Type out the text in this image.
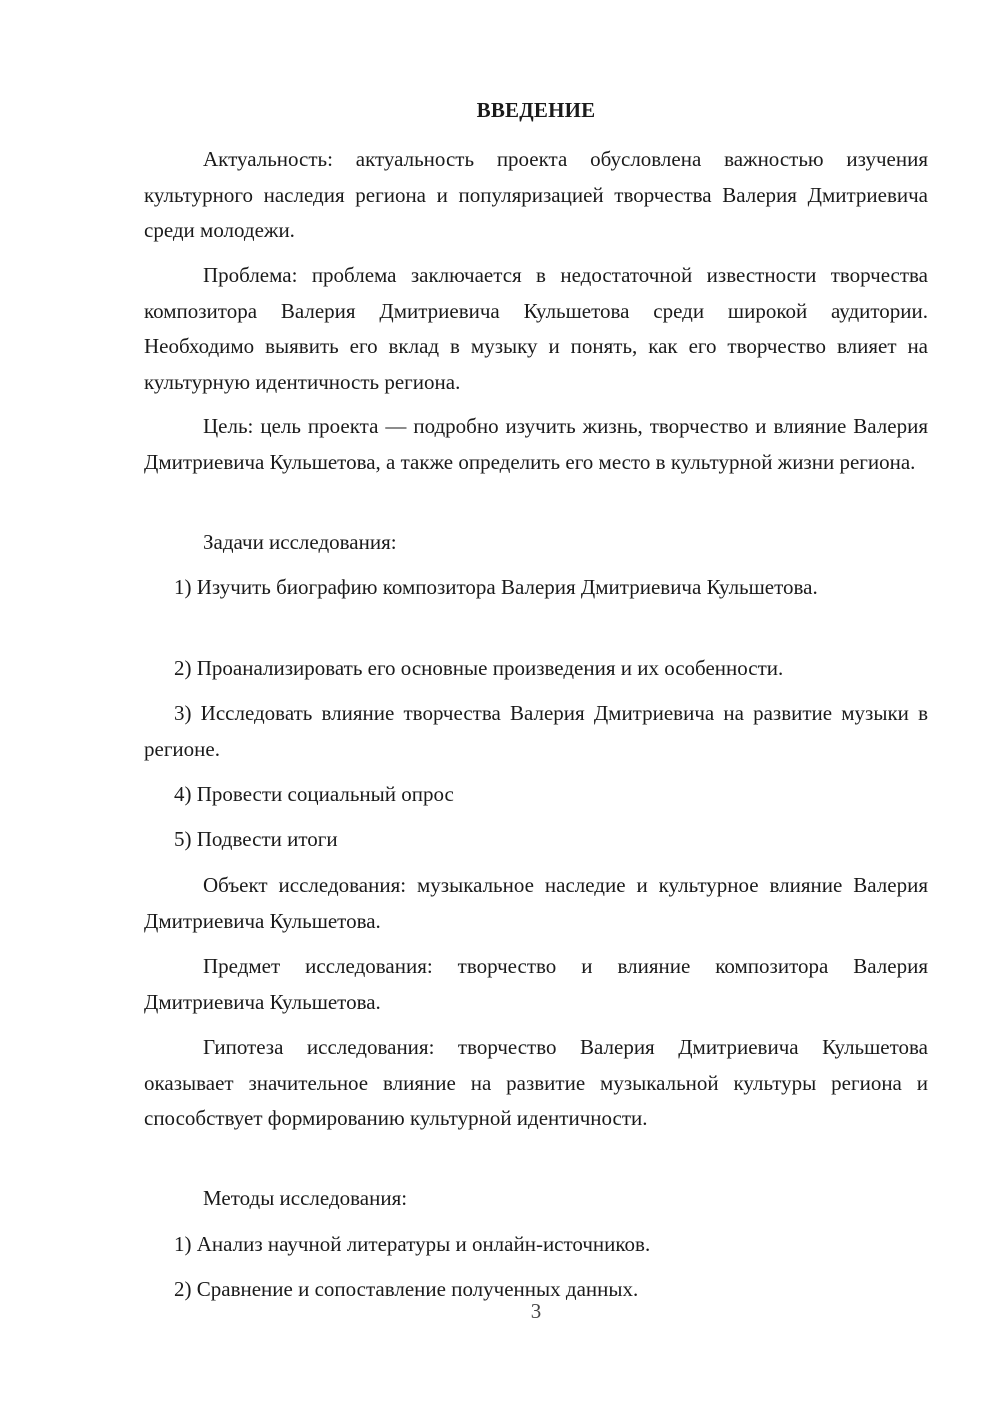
ВВЕДЕНИЕ

Актуальность: актуальность проекта обусловлена важностью изучения культурного наследия региона и популяризацией творчества Валерия Дмитриевича среди молодежи.

Проблема: проблема заключается в недостаточной известности творчества композитора Валерия Дмитриевича Кульшетова среди широкой аудитории. Необходимо выявить его вклад в музыку и понять, как его творчество влияет на культурную идентичность региона.

Цель: цель проекта — подробно изучить жизнь, творчество и влияние Валерия Дмитриевича Кульшетова, а также определить его место в культурной жизни региона.

Задачи исследования:

1) Изучить биографию композитора Валерия Дмитриевича Кульшетова.

2) Проанализировать его основные произведения и их особенности.

3) Исследовать влияние творчества Валерия Дмитриевича на развитие музыки в регионе.

4) Провести социальный опрос

5) Подвести итоги

Объект исследования: музыкальное наследие и культурное влияние Валерия Дмитриевича Кульшетова.

Предмет исследования: творчество и влияние композитора Валерия Дмитриевича Кульшетова.

Гипотеза исследования: творчество Валерия Дмитриевича Кульшетова оказывает значительное влияние на развитие музыкальной культуры региона и способствует формированию культурной идентичности.

Методы исследования:

1) Анализ научной литературы и онлайн-источников.

2) Сравнение и сопоставление полученных данных.

3
